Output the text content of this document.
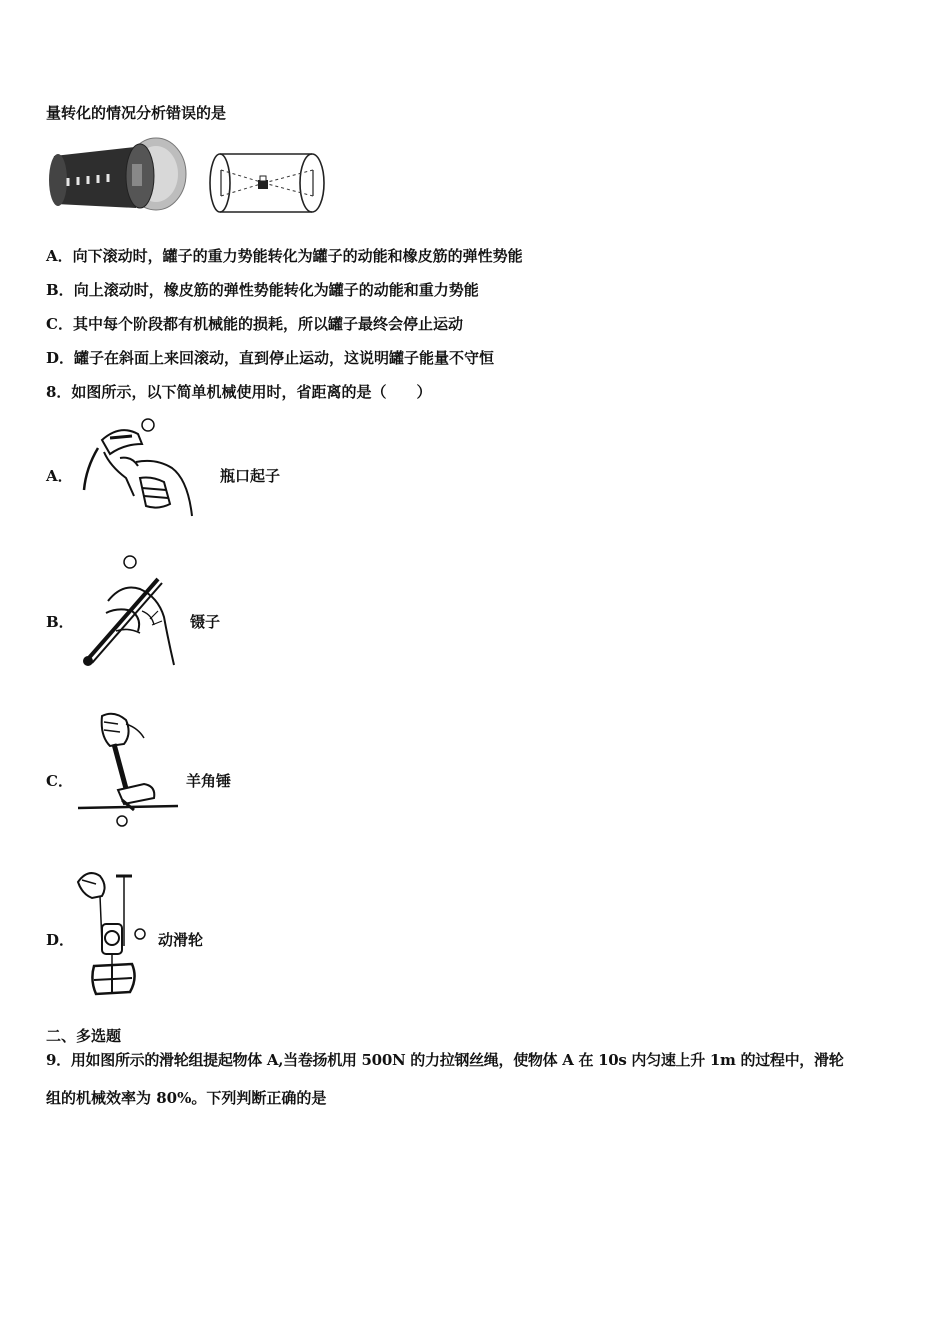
量转化的情况分析错误的是
A．向下滚动时，罐子的重力势能转化为罐子的动能和橡皮筋的弹性势能
B．向上滚动时，橡皮筋的弹性势能转化为罐子的动能和重力势能
C．其中每个阶段都有机械能的损耗，所以罐子最终会停止运动
D．罐子在斜面上来回滚动，直到停止运动，这说明罐子能量不守恒
8．如图所示，以下简单机械使用时，省距离的是（　　）
A．	瓶口起子
B．	镊子
C．	羊角锤
D．	动滑轮
二、多选题
9．用如图所示的滑轮组提起物体 A,当卷扬机用 500N 的力拉钢丝绳，使物体 A 在 10s 内匀速上升 1m 的过程中，滑轮
组的机械效率为 80%。下列判断正确的是
